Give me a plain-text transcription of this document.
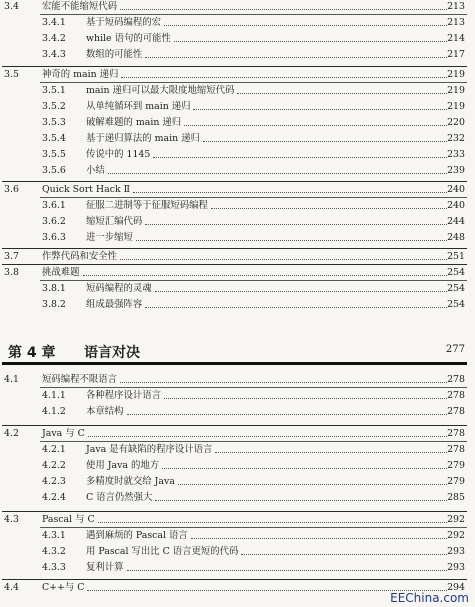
3.4 宏能不能缩短代码	213
3.4.1 基于短码编程的宏	213
3.4.2 while 语句的可能性	214
3.4.3 数组的可能性	217
3.5 神奇的 main 递归	219
3.5.1 main 递归可以最大限度地缩短代码	219
3.5.2 从单纯循环到 main 递归	219
3.5.3 破解难题的 main 递归	220
3.5.4 基于递归算法的 main 递归	232
3.5.5 传说中的 1145	233
3.5.6 小结	239
3.6 Quick Sort Hack Ⅱ	240
3.6.1 征服二进制等于征服短码编程	240
3.6.2 缩短汇编代码	244
3.6.3 进一步缩短	248
3.7 作弊代码和安全性	251
3.8 挑战难题	254
3.8.1 短码编程的灵魂	254
3.8.2 组成最强阵容	254
第 4 章 语言对决	277
4.1 短码编程不限语言	278
4.1.1 各种程序设计语言	278
4.1.2 本章结构	278
4.2 Java 与 C	278
4.2.1 Java 是有缺陷的程序设计语言	278
4.2.2 使用 Java 的地方	279
4.2.3 多精度时就交给 Java	279
4.2.4 C 语言仍然强大	285
4.3 Pascal 与 C	292
4.3.1 遇到麻烦的 Pascal 语言	292
4.3.2 用 Pascal 写出比 C 语言更短的代码	293
4.3.3 复利计算	293
4.4 C++与 C	294
EEChina.com
